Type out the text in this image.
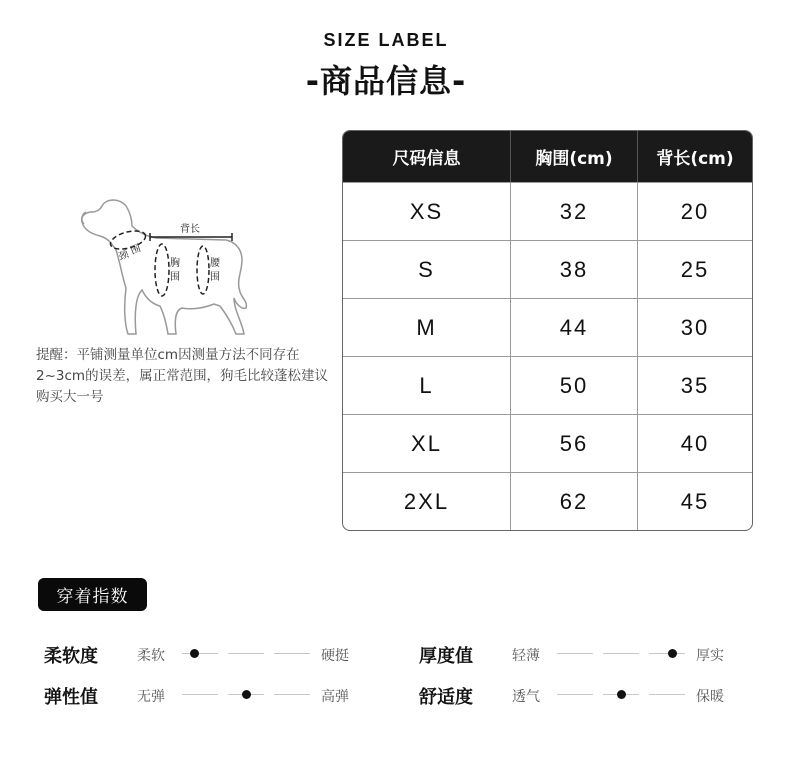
SIZE LABEL
-商品信息-
背长
颈
围
胸
围
腰
围
提醒：平铺测量单位cm因测量方法不同存在2~3cm的误差，属正常范围，狗毛比较蓬松建议购买大一号
尺码信息	胸围(cm)	背长(cm)
XS	32	20
S	38	25
M	44	30
L	50	35
XL	56	40
2XL	62	45
穿着指数
柔软度	柔软	硬挺
弹性值	无弹	高弹
厚度值	轻薄	厚实
舒适度	透气	保暖
